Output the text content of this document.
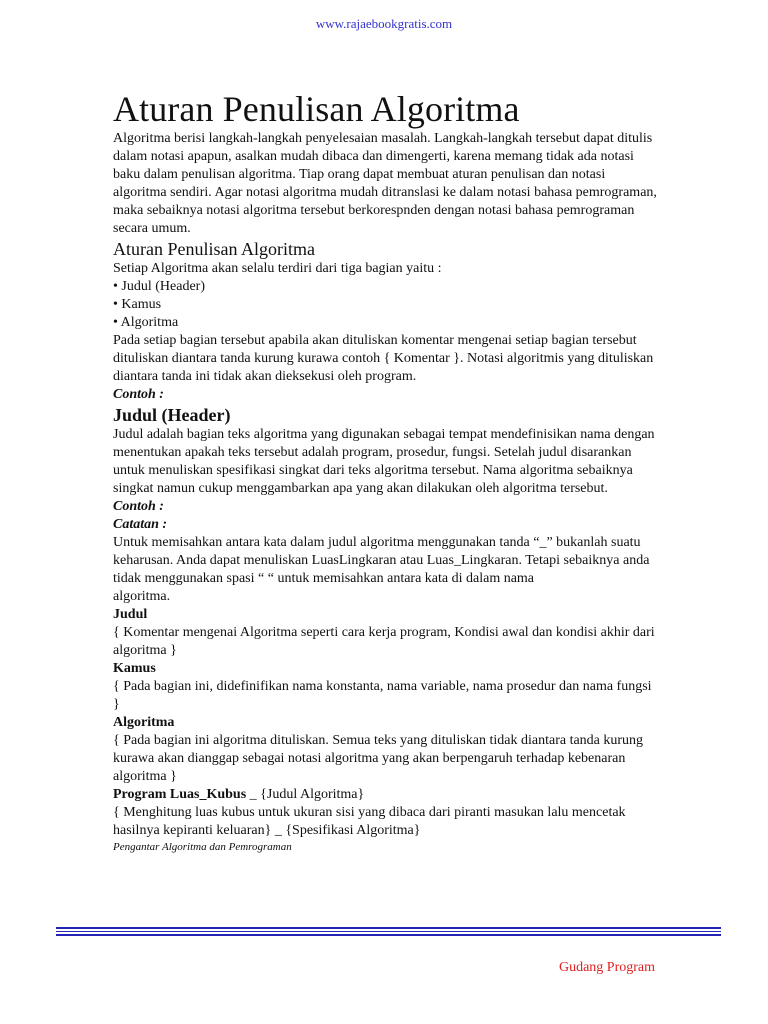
www.rajaebookgratis.com
Aturan Penulisan Algoritma

Algoritma berisi langkah-langkah penyelesaian masalah. Langkah-langkah tersebut dapat ditulis dalam notasi apapun, asalkan mudah dibaca dan dimengerti, karena memang tidak ada notasi baku dalam penulisan algoritma. Tiap orang dapat membuat aturan penulisan dan notasi algoritma sendiri. Agar notasi algoritma mudah ditranslasi ke dalam notasi bahasa pemrograman, maka sebaiknya notasi algoritma tersebut berkorespnden dengan notasi bahasa pemrograman secara umum.

Aturan Penulisan Algoritma

Setiap Algoritma akan selalu terdiri dari tiga bagian yaitu :

• Judul (Header)
• Kamus
• Algoritma

Pada setiap bagian tersebut apabila akan dituliskan komentar mengenai setiap bagian tersebut dituliskan diantara tanda kurung kurawa contoh { Komentar }. Notasi algoritmis yang dituliskan diantara tanda ini tidak akan dieksekusi oleh program.

Contoh :
Judul (Header)

Judul adalah bagian teks algoritma yang digunakan sebagai tempat mendefinisikan nama dengan menentukan apakah teks tersebut adalah program, prosedur, fungsi. Setelah judul disarankan untuk menuliskan spesifikasi singkat dari teks algoritma tersebut. Nama algoritma sebaiknya singkat namun cukup menggambarkan apa yang akan dilakukan oleh algoritma tersebut.

Contoh :
Catatan :

Untuk memisahkan antara kata dalam judul algoritma menggunakan tanda “_” bukanlah suatu keharusan. Anda dapat menuliskan LuasLingkaran atau Luas_Lingkaran. Tetapi sebaiknya anda tidak menggunakan spasi “ “ untuk memisahkan antara kata di dalam nama

algoritma.

Judul

{ Komentar mengenai Algoritma seperti cara kerja program, Kondisi awal dan kondisi akhir dari algoritma }

Kamus

{ Pada bagian ini, didefinifikan nama konstanta, nama variable, nama prosedur dan nama fungsi }

Algoritma

{ Pada bagian ini algoritma dituliskan. Semua teks yang dituliskan tidak diantara tanda kurung kurawa akan dianggap sebagai notasi algoritma yang akan berpengaruh terhadap kebenaran algoritma }

Program Luas_Kubus _ {Judul Algoritma}

{ Menghitung luas kubus untuk ukuran sisi yang dibaca dari piranti masukan lalu mencetak hasilnya kepiranti keluaran} _ {Spesifikasi Algoritma}

Pengantar Algoritma dan Pemrograman
Gudang Program
